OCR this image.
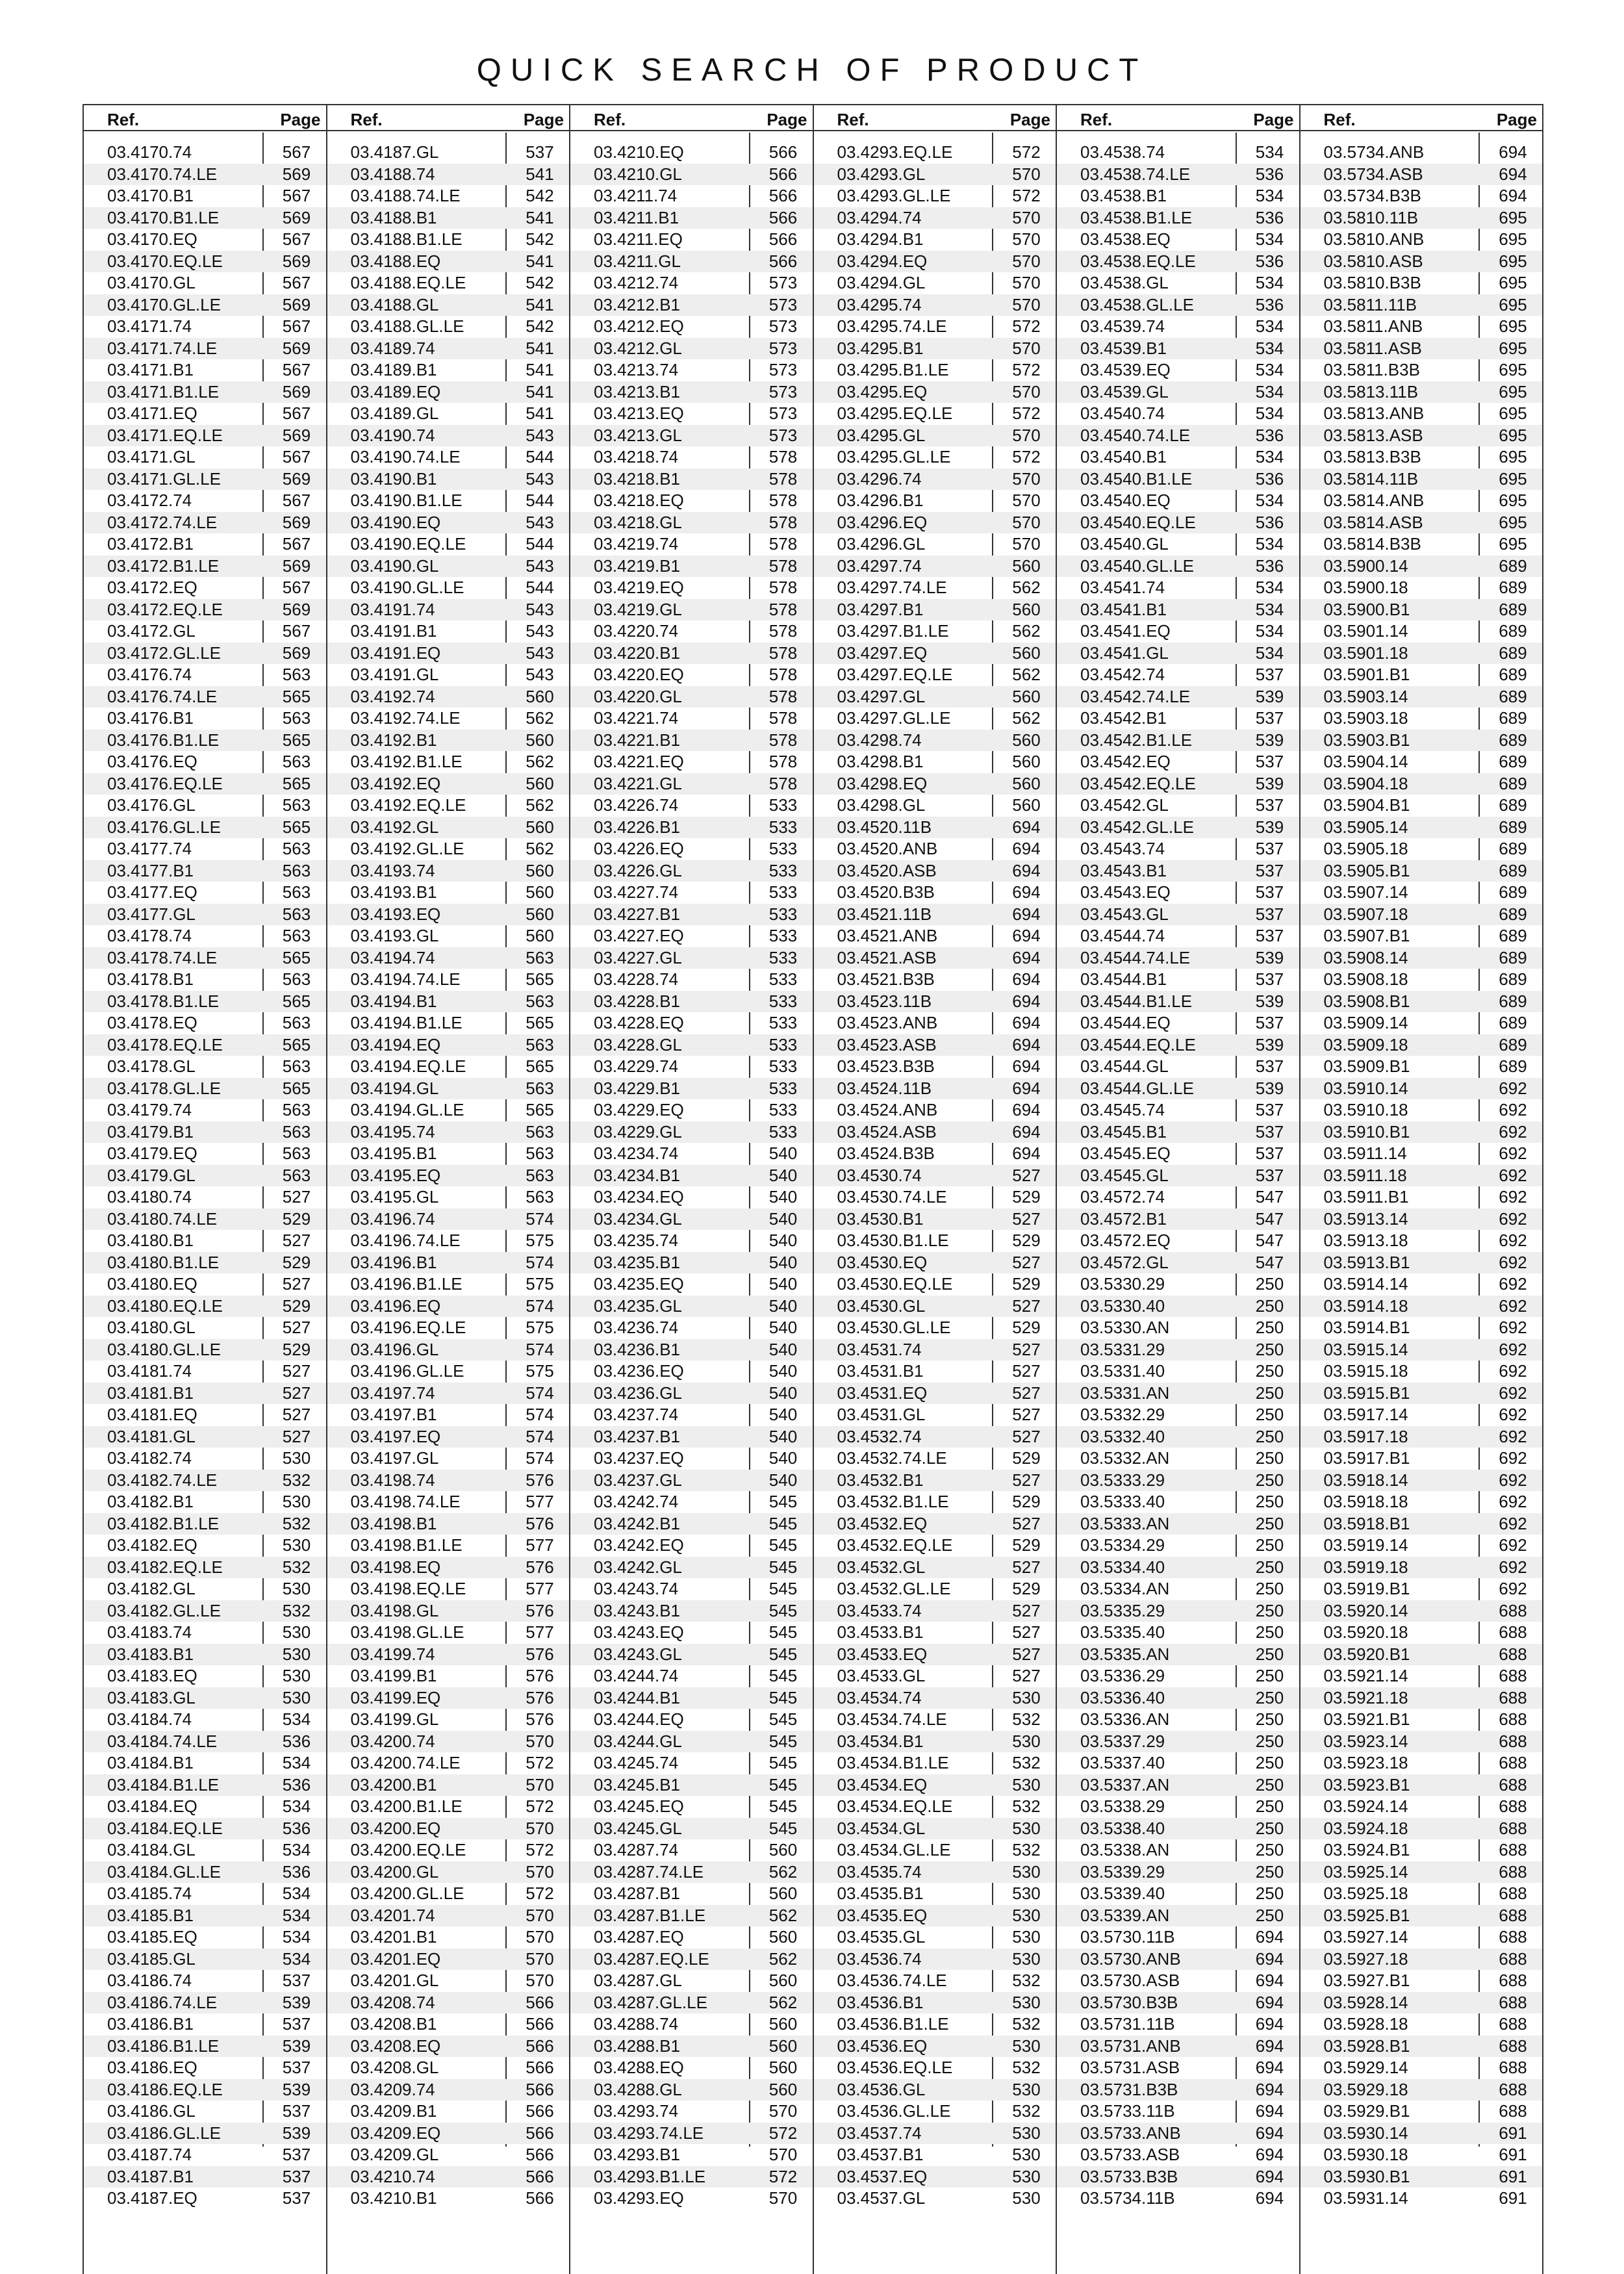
QUICK SEARCH OF PRODUCT
Ref.	Page
03.4170.74	567
03.4170.74.LE	569
03.4170.B1	567
03.4170.B1.LE	569
03.4170.EQ	567
03.4170.EQ.LE	569
03.4170.GL	567
03.4170.GL.LE	569
03.4171.74	567
03.4171.74.LE	569
03.4171.B1	567
03.4171.B1.LE	569
03.4171.EQ	567
03.4171.EQ.LE	569
03.4171.GL	567
03.4171.GL.LE	569
03.4172.74	567
03.4172.74.LE	569
03.4172.B1	567
03.4172.B1.LE	569
03.4172.EQ	567
03.4172.EQ.LE	569
03.4172.GL	567
03.4172.GL.LE	569
03.4176.74	563
03.4176.74.LE	565
03.4176.B1	563
03.4176.B1.LE	565
03.4176.EQ	563
03.4176.EQ.LE	565
03.4176.GL	563
03.4176.GL.LE	565
03.4177.74	563
03.4177.B1	563
03.4177.EQ	563
03.4177.GL	563
03.4178.74	563
03.4178.74.LE	565
03.4178.B1	563
03.4178.B1.LE	565
03.4178.EQ	563
03.4178.EQ.LE	565
03.4178.GL	563
03.4178.GL.LE	565
03.4179.74	563
03.4179.B1	563
03.4179.EQ	563
03.4179.GL	563
03.4180.74	527
03.4180.74.LE	529
03.4180.B1	527
03.4180.B1.LE	529
03.4180.EQ	527
03.4180.EQ.LE	529
03.4180.GL	527
03.4180.GL.LE	529
03.4181.74	527
03.4181.B1	527
03.4181.EQ	527
03.4181.GL	527
03.4182.74	530
03.4182.74.LE	532
03.4182.B1	530
03.4182.B1.LE	532
03.4182.EQ	530
03.4182.EQ.LE	532
03.4182.GL	530
03.4182.GL.LE	532
03.4183.74	530
03.4183.B1	530
03.4183.EQ	530
03.4183.GL	530
03.4184.74	534
03.4184.74.LE	536
03.4184.B1	534
03.4184.B1.LE	536
03.4184.EQ	534
03.4184.EQ.LE	536
03.4184.GL	534
03.4184.GL.LE	536
03.4185.74	534
03.4185.B1	534
03.4185.EQ	534
03.4185.GL	534
03.4186.74	537
03.4186.74.LE	539
03.4186.B1	537
03.4186.B1.LE	539
03.4186.EQ	537
03.4186.EQ.LE	539
03.4186.GL	537
03.4186.GL.LE	539
03.4187.74	537
03.4187.B1	537
03.4187.EQ	537
Ref.	Page
03.4187.GL	537
03.4188.74	541
03.4188.74.LE	542
03.4188.B1	541
03.4188.B1.LE	542
03.4188.EQ	541
03.4188.EQ.LE	542
03.4188.GL	541
03.4188.GL.LE	542
03.4189.74	541
03.4189.B1	541
03.4189.EQ	541
03.4189.GL	541
03.4190.74	543
03.4190.74.LE	544
03.4190.B1	543
03.4190.B1.LE	544
03.4190.EQ	543
03.4190.EQ.LE	544
03.4190.GL	543
03.4190.GL.LE	544
03.4191.74	543
03.4191.B1	543
03.4191.EQ	543
03.4191.GL	543
03.4192.74	560
03.4192.74.LE	562
03.4192.B1	560
03.4192.B1.LE	562
03.4192.EQ	560
03.4192.EQ.LE	562
03.4192.GL	560
03.4192.GL.LE	562
03.4193.74	560
03.4193.B1	560
03.4193.EQ	560
03.4193.GL	560
03.4194.74	563
03.4194.74.LE	565
03.4194.B1	563
03.4194.B1.LE	565
03.4194.EQ	563
03.4194.EQ.LE	565
03.4194.GL	563
03.4194.GL.LE	565
03.4195.74	563
03.4195.B1	563
03.4195.EQ	563
03.4195.GL	563
03.4196.74	574
03.4196.74.LE	575
03.4196.B1	574
03.4196.B1.LE	575
03.4196.EQ	574
03.4196.EQ.LE	575
03.4196.GL	574
03.4196.GL.LE	575
03.4197.74	574
03.4197.B1	574
03.4197.EQ	574
03.4197.GL	574
03.4198.74	576
03.4198.74.LE	577
03.4198.B1	576
03.4198.B1.LE	577
03.4198.EQ	576
03.4198.EQ.LE	577
03.4198.GL	576
03.4198.GL.LE	577
03.4199.74	576
03.4199.B1	576
03.4199.EQ	576
03.4199.GL	576
03.4200.74	570
03.4200.74.LE	572
03.4200.B1	570
03.4200.B1.LE	572
03.4200.EQ	570
03.4200.EQ.LE	572
03.4200.GL	570
03.4200.GL.LE	572
03.4201.74	570
03.4201.B1	570
03.4201.EQ	570
03.4201.GL	570
03.4208.74	566
03.4208.B1	566
03.4208.EQ	566
03.4208.GL	566
03.4209.74	566
03.4209.B1	566
03.4209.EQ	566
03.4209.GL	566
03.4210.74	566
03.4210.B1	566
Ref.	Page
03.4210.EQ	566
03.4210.GL	566
03.4211.74	566
03.4211.B1	566
03.4211.EQ	566
03.4211.GL	566
03.4212.74	573
03.4212.B1	573
03.4212.EQ	573
03.4212.GL	573
03.4213.74	573
03.4213.B1	573
03.4213.EQ	573
03.4213.GL	573
03.4218.74	578
03.4218.B1	578
03.4218.EQ	578
03.4218.GL	578
03.4219.74	578
03.4219.B1	578
03.4219.EQ	578
03.4219.GL	578
03.4220.74	578
03.4220.B1	578
03.4220.EQ	578
03.4220.GL	578
03.4221.74	578
03.4221.B1	578
03.4221.EQ	578
03.4221.GL	578
03.4226.74	533
03.4226.B1	533
03.4226.EQ	533
03.4226.GL	533
03.4227.74	533
03.4227.B1	533
03.4227.EQ	533
03.4227.GL	533
03.4228.74	533
03.4228.B1	533
03.4228.EQ	533
03.4228.GL	533
03.4229.74	533
03.4229.B1	533
03.4229.EQ	533
03.4229.GL	533
03.4234.74	540
03.4234.B1	540
03.4234.EQ	540
03.4234.GL	540
03.4235.74	540
03.4235.B1	540
03.4235.EQ	540
03.4235.GL	540
03.4236.74	540
03.4236.B1	540
03.4236.EQ	540
03.4236.GL	540
03.4237.74	540
03.4237.B1	540
03.4237.EQ	540
03.4237.GL	540
03.4242.74	545
03.4242.B1	545
03.4242.EQ	545
03.4242.GL	545
03.4243.74	545
03.4243.B1	545
03.4243.EQ	545
03.4243.GL	545
03.4244.74	545
03.4244.B1	545
03.4244.EQ	545
03.4244.GL	545
03.4245.74	545
03.4245.B1	545
03.4245.EQ	545
03.4245.GL	545
03.4287.74	560
03.4287.74.LE	562
03.4287.B1	560
03.4287.B1.LE	562
03.4287.EQ	560
03.4287.EQ.LE	562
03.4287.GL	560
03.4287.GL.LE	562
03.4288.74	560
03.4288.B1	560
03.4288.EQ	560
03.4288.GL	560
03.4293.74	570
03.4293.74.LE	572
03.4293.B1	570
03.4293.B1.LE	572
03.4293.EQ	570
Ref.	Page
03.4293.EQ.LE	572
03.4293.GL	570
03.4293.GL.LE	572
03.4294.74	570
03.4294.B1	570
03.4294.EQ	570
03.4294.GL	570
03.4295.74	570
03.4295.74.LE	572
03.4295.B1	570
03.4295.B1.LE	572
03.4295.EQ	570
03.4295.EQ.LE	572
03.4295.GL	570
03.4295.GL.LE	572
03.4296.74	570
03.4296.B1	570
03.4296.EQ	570
03.4296.GL	570
03.4297.74	560
03.4297.74.LE	562
03.4297.B1	560
03.4297.B1.LE	562
03.4297.EQ	560
03.4297.EQ.LE	562
03.4297.GL	560
03.4297.GL.LE	562
03.4298.74	560
03.4298.B1	560
03.4298.EQ	560
03.4298.GL	560
03.4520.11B	694
03.4520.ANB	694
03.4520.ASB	694
03.4520.B3B	694
03.4521.11B	694
03.4521.ANB	694
03.4521.ASB	694
03.4521.B3B	694
03.4523.11B	694
03.4523.ANB	694
03.4523.ASB	694
03.4523.B3B	694
03.4524.11B	694
03.4524.ANB	694
03.4524.ASB	694
03.4524.B3B	694
03.4530.74	527
03.4530.74.LE	529
03.4530.B1	527
03.4530.B1.LE	529
03.4530.EQ	527
03.4530.EQ.LE	529
03.4530.GL	527
03.4530.GL.LE	529
03.4531.74	527
03.4531.B1	527
03.4531.EQ	527
03.4531.GL	527
03.4532.74	527
03.4532.74.LE	529
03.4532.B1	527
03.4532.B1.LE	529
03.4532.EQ	527
03.4532.EQ.LE	529
03.4532.GL	527
03.4532.GL.LE	529
03.4533.74	527
03.4533.B1	527
03.4533.EQ	527
03.4533.GL	527
03.4534.74	530
03.4534.74.LE	532
03.4534.B1	530
03.4534.B1.LE	532
03.4534.EQ	530
03.4534.EQ.LE	532
03.4534.GL	530
03.4534.GL.LE	532
03.4535.74	530
03.4535.B1	530
03.4535.EQ	530
03.4535.GL	530
03.4536.74	530
03.4536.74.LE	532
03.4536.B1	530
03.4536.B1.LE	532
03.4536.EQ	530
03.4536.EQ.LE	532
03.4536.GL	530
03.4536.GL.LE	532
03.4537.74	530
03.4537.B1	530
03.4537.EQ	530
03.4537.GL	530
Ref.	Page
03.4538.74	534
03.4538.74.LE	536
03.4538.B1	534
03.4538.B1.LE	536
03.4538.EQ	534
03.4538.EQ.LE	536
03.4538.GL	534
03.4538.GL.LE	536
03.4539.74	534
03.4539.B1	534
03.4539.EQ	534
03.4539.GL	534
03.4540.74	534
03.4540.74.LE	536
03.4540.B1	534
03.4540.B1.LE	536
03.4540.EQ	534
03.4540.EQ.LE	536
03.4540.GL	534
03.4540.GL.LE	536
03.4541.74	534
03.4541.B1	534
03.4541.EQ	534
03.4541.GL	534
03.4542.74	537
03.4542.74.LE	539
03.4542.B1	537
03.4542.B1.LE	539
03.4542.EQ	537
03.4542.EQ.LE	539
03.4542.GL	537
03.4542.GL.LE	539
03.4543.74	537
03.4543.B1	537
03.4543.EQ	537
03.4543.GL	537
03.4544.74	537
03.4544.74.LE	539
03.4544.B1	537
03.4544.B1.LE	539
03.4544.EQ	537
03.4544.EQ.LE	539
03.4544.GL	537
03.4544.GL.LE	539
03.4545.74	537
03.4545.B1	537
03.4545.EQ	537
03.4545.GL	537
03.4572.74	547
03.4572.B1	547
03.4572.EQ	547
03.4572.GL	547
03.5330.29	250
03.5330.40	250
03.5330.AN	250
03.5331.29	250
03.5331.40	250
03.5331.AN	250
03.5332.29	250
03.5332.40	250
03.5332.AN	250
03.5333.29	250
03.5333.40	250
03.5333.AN	250
03.5334.29	250
03.5334.40	250
03.5334.AN	250
03.5335.29	250
03.5335.40	250
03.5335.AN	250
03.5336.29	250
03.5336.40	250
03.5336.AN	250
03.5337.29	250
03.5337.40	250
03.5337.AN	250
03.5338.29	250
03.5338.40	250
03.5338.AN	250
03.5339.29	250
03.5339.40	250
03.5339.AN	250
03.5730.11B	694
03.5730.ANB	694
03.5730.ASB	694
03.5730.B3B	694
03.5731.11B	694
03.5731.ANB	694
03.5731.ASB	694
03.5731.B3B	694
03.5733.11B	694
03.5733.ANB	694
03.5733.ASB	694
03.5733.B3B	694
03.5734.11B	694
Ref.	Page
03.5734.ANB	694
03.5734.ASB	694
03.5734.B3B	694
03.5810.11B	695
03.5810.ANB	695
03.5810.ASB	695
03.5810.B3B	695
03.5811.11B	695
03.5811.ANB	695
03.5811.ASB	695
03.5811.B3B	695
03.5813.11B	695
03.5813.ANB	695
03.5813.ASB	695
03.5813.B3B	695
03.5814.11B	695
03.5814.ANB	695
03.5814.ASB	695
03.5814.B3B	695
03.5900.14	689
03.5900.18	689
03.5900.B1	689
03.5901.14	689
03.5901.18	689
03.5901.B1	689
03.5903.14	689
03.5903.18	689
03.5903.B1	689
03.5904.14	689
03.5904.18	689
03.5904.B1	689
03.5905.14	689
03.5905.18	689
03.5905.B1	689
03.5907.14	689
03.5907.18	689
03.5907.B1	689
03.5908.14	689
03.5908.18	689
03.5908.B1	689
03.5909.14	689
03.5909.18	689
03.5909.B1	689
03.5910.14	692
03.5910.18	692
03.5910.B1	692
03.5911.14	692
03.5911.18	692
03.5911.B1	692
03.5913.14	692
03.5913.18	692
03.5913.B1	692
03.5914.14	692
03.5914.18	692
03.5914.B1	692
03.5915.14	692
03.5915.18	692
03.5915.B1	692
03.5917.14	692
03.5917.18	692
03.5917.B1	692
03.5918.14	692
03.5918.18	692
03.5918.B1	692
03.5919.14	692
03.5919.18	692
03.5919.B1	692
03.5920.14	688
03.5920.18	688
03.5920.B1	688
03.5921.14	688
03.5921.18	688
03.5921.B1	688
03.5923.14	688
03.5923.18	688
03.5923.B1	688
03.5924.14	688
03.5924.18	688
03.5924.B1	688
03.5925.14	688
03.5925.18	688
03.5925.B1	688
03.5927.14	688
03.5927.18	688
03.5927.B1	688
03.5928.14	688
03.5928.18	688
03.5928.B1	688
03.5929.14	688
03.5929.18	688
03.5929.B1	688
03.5930.14	691
03.5930.18	691
03.5930.B1	691
03.5931.14	691
